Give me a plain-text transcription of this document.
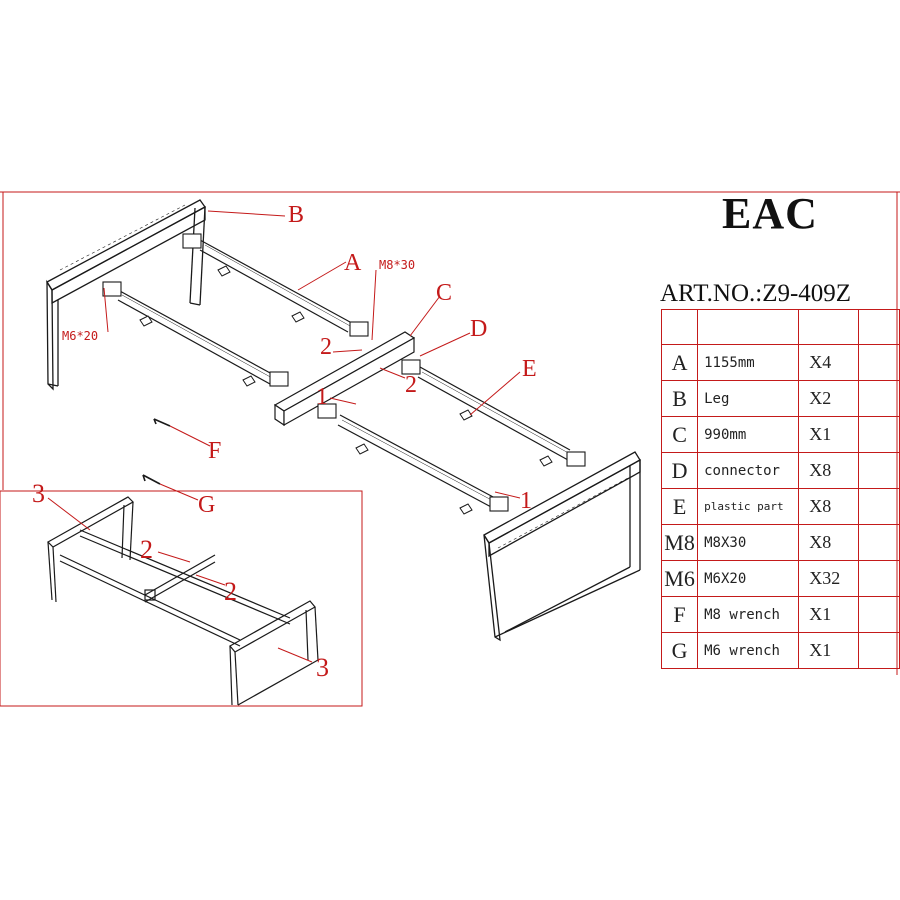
B
A M8*30
C
D
E
2
2
1
1
F
G
M6*20
3
3
2
2
EAC
ART.NO.:Z9-409Z

A	1155mm	X4	
B	Leg	X2	
C	990mm	X1	
D	connector	X8	
E	plastic part	X8	
M8	M8X30	X8	
M6	M6X20	X32	
F	M8 wrench	X1	
G	M6 wrench	X1	
